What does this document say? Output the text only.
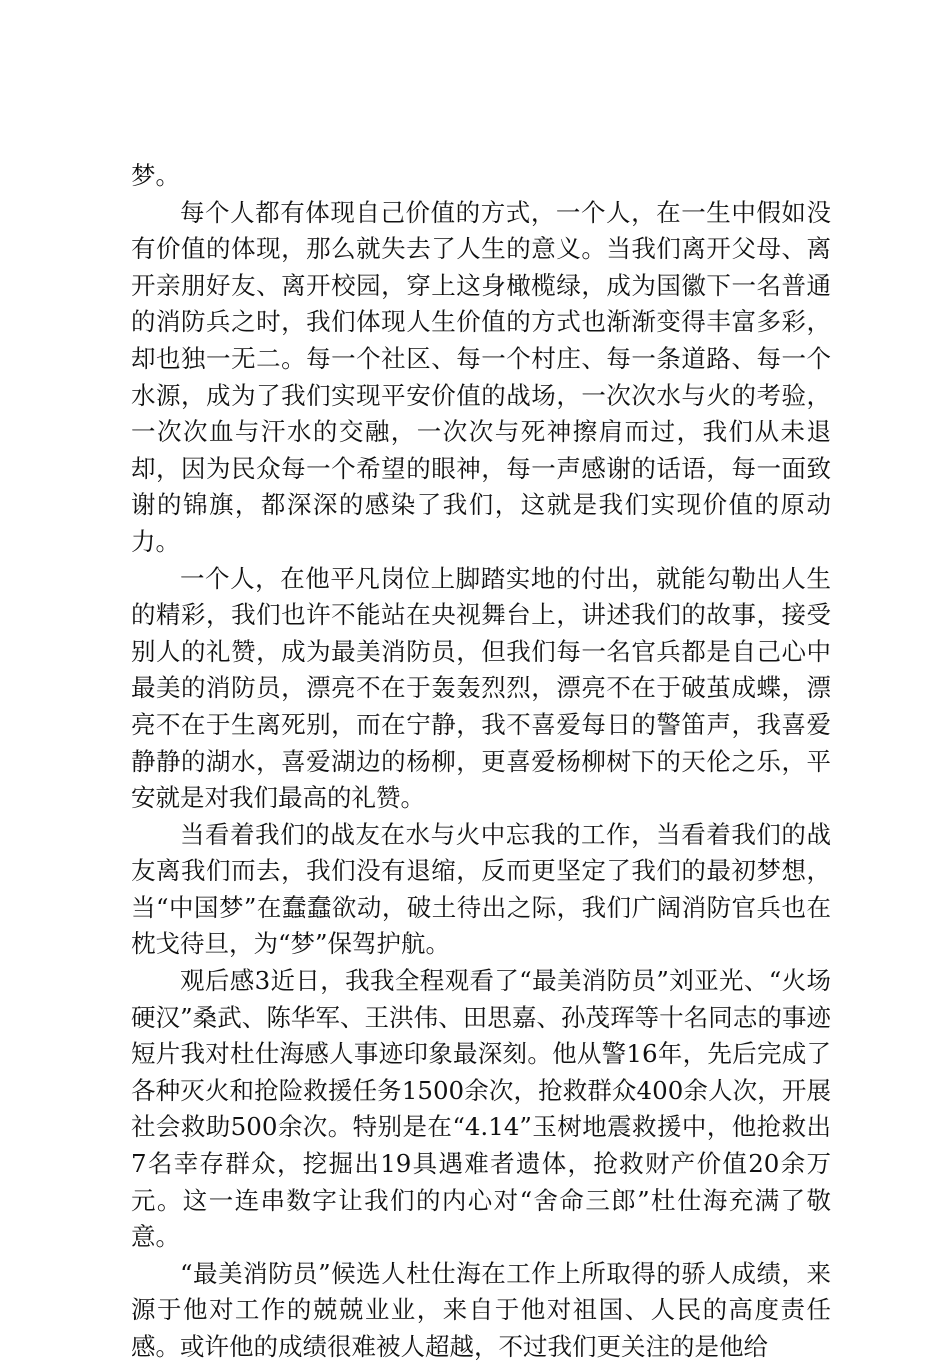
梦。

每个人都有体现自己价值的方式，一个人，在一生中假如没有价值的体现，那么就失去了人生的意义。当我们离开父母、离开亲朋好友、离开校园，穿上这身橄榄绿，成为国徽下一名普通的消防兵之时，我们体现人生价值的方式也渐渐变得丰富多彩，却也独一无二。每一个社区、每一个村庄、每一条道路、每一个水源，成为了我们实现平安价值的战场，一次次水与火的考验，一次次血与汗水的交融，一次次与死神擦肩而过，我们从未退却，因为民众每一个希望的眼神，每一声感谢的话语，每一面致谢的锦旗，都深深的感染了我们，这就是我们实现价值的原动力。

一个人，在他平凡岗位上脚踏实地的付出，就能勾勒出人生的精彩，我们也许不能站在央视舞台上，讲述我们的故事，接受别人的礼赞，成为最美消防员，但我们每一名官兵都是自己心中最美的消防员，漂亮不在于轰轰烈烈，漂亮不在于破茧成蝶，漂亮不在于生离死别，而在宁静，我不喜爱每日的警笛声，我喜爱静静的湖水，喜爱湖边的杨柳，更喜爱杨柳树下的天伦之乐，平安就是对我们最高的礼赞。

当看着我们的战友在水与火中忘我的工作，当看着我们的战友离我们而去，我们没有退缩，反而更坚定了我们的最初梦想，当“中国梦”在蠢蠢欲动，破土待出之际，我们广阔消防官兵也在枕戈待旦，为“梦”保驾护航。

观后感3近日，我我全程观看了“最美消防员”刘亚光、“火场硬汉”桑武、陈华军、王洪伟、田思嘉、孙茂珲等十名同志的事迹短片我对杜仕海感人事迹印象最深刻。他从警16年，先后完成了各种灭火和抢险救援任务1500余次，抢救群众400余人次，开展社会救助500余次。特别是在“4.14”玉树地震救援中，他抢救出7名幸存群众，挖掘出19具遇难者遗体，抢救财产价值20余万元。这一连串数字让我们的内心对“舍命三郎”杜仕海充满了敬意。

“最美消防员”候选人杜仕海在工作上所取得的骄人成绩，来源于他对工作的兢兢业业，来自于他对祖国、人民的高度责任感。或许他的成绩很难被人超越，不过我们更关注的是他给
